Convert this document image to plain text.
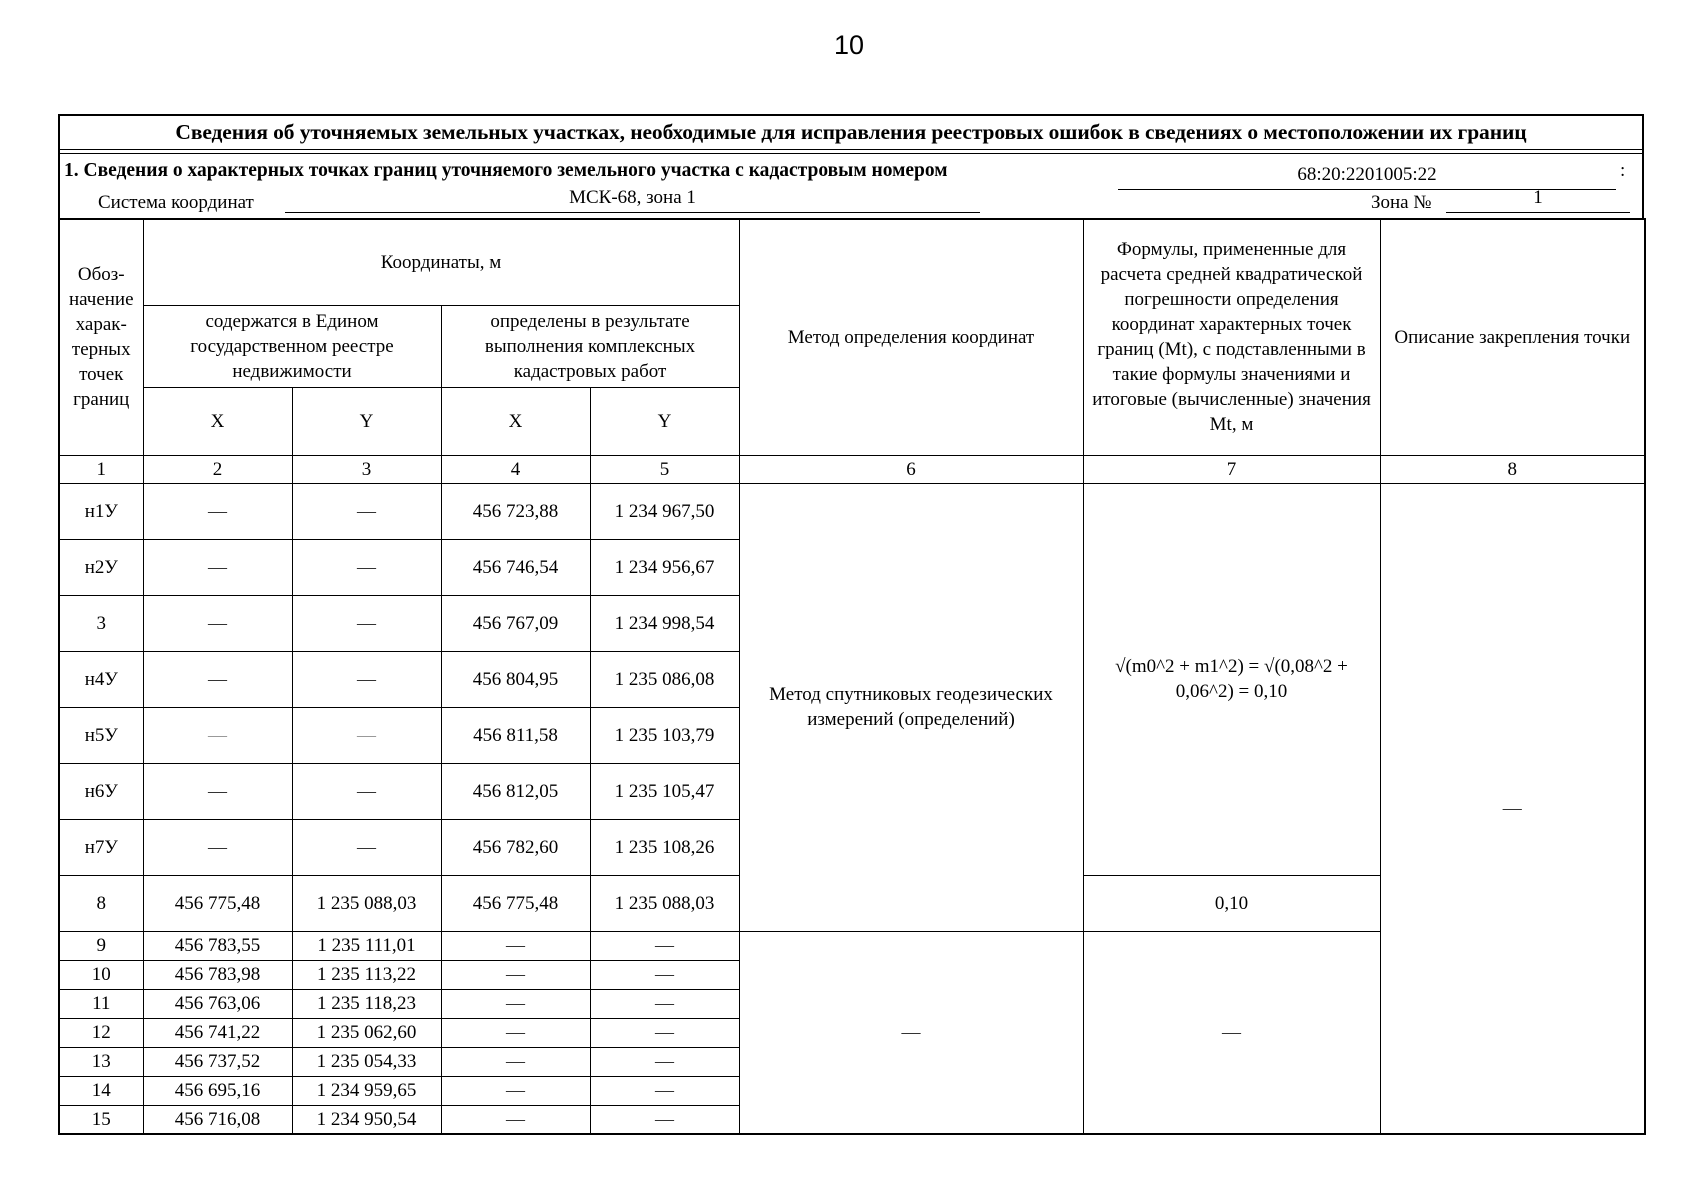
10
Сведения об уточняемых земельных участках, необходимые для исправления реестровых ошибок в сведениях о местоположении их границ
1. Сведения о характерных точках границ уточняемого земельного участка с кадастровым номером	68:20:2201005:22	:
Система координат	МСК-68, зона 1	Зона №	1
Обоз-начение харак-терных точек границ	Координаты, м				Метод определения координат	Формулы, примененные для расчета средней квадратической погрешности определения координат характерных точек границ (Mt), с подставленными в такие формулы значениями и итоговые (вычисленные) значения Mt, м	Описание закрепления точки
	содержатся в Едином государственном реестре недвижимости		определены в результате выполнения комплексных кадастровых работ				
	X	Y	X	Y			
1	2	3	4	5	6	7	8
н1У	—	—	456 723,88	1 234 967,50	Метод спутниковых геодезических измерений (определений)	√(m0^2 + m1^2) = √(0,08^2 + 0,06^2) = 0,10	—
н2У	—	—	456 746,54	1 234 956,67			
3	—	—	456 767,09	1 234 998,54			
н4У	—	—	456 804,95	1 235 086,08			
н5У	—	—	456 811,58	1 235 103,79			
н6У	—	—	456 812,05	1 235 105,47			
н7У	—	—	456 782,60	1 235 108,26			
8	456 775,48	1 235 088,03	456 775,48	1 235 088,03		0,10	
9	456 783,55	1 235 111,01	—	—	—	—	
10	456 783,98	1 235 113,22	—	—			
11	456 763,06	1 235 118,23	—	—			
12	456 741,22	1 235 062,60	—	—			
13	456 737,52	1 235 054,33	—	—			
14	456 695,16	1 234 959,65	—	—			
15	456 716,08	1 234 950,54	—	—			
